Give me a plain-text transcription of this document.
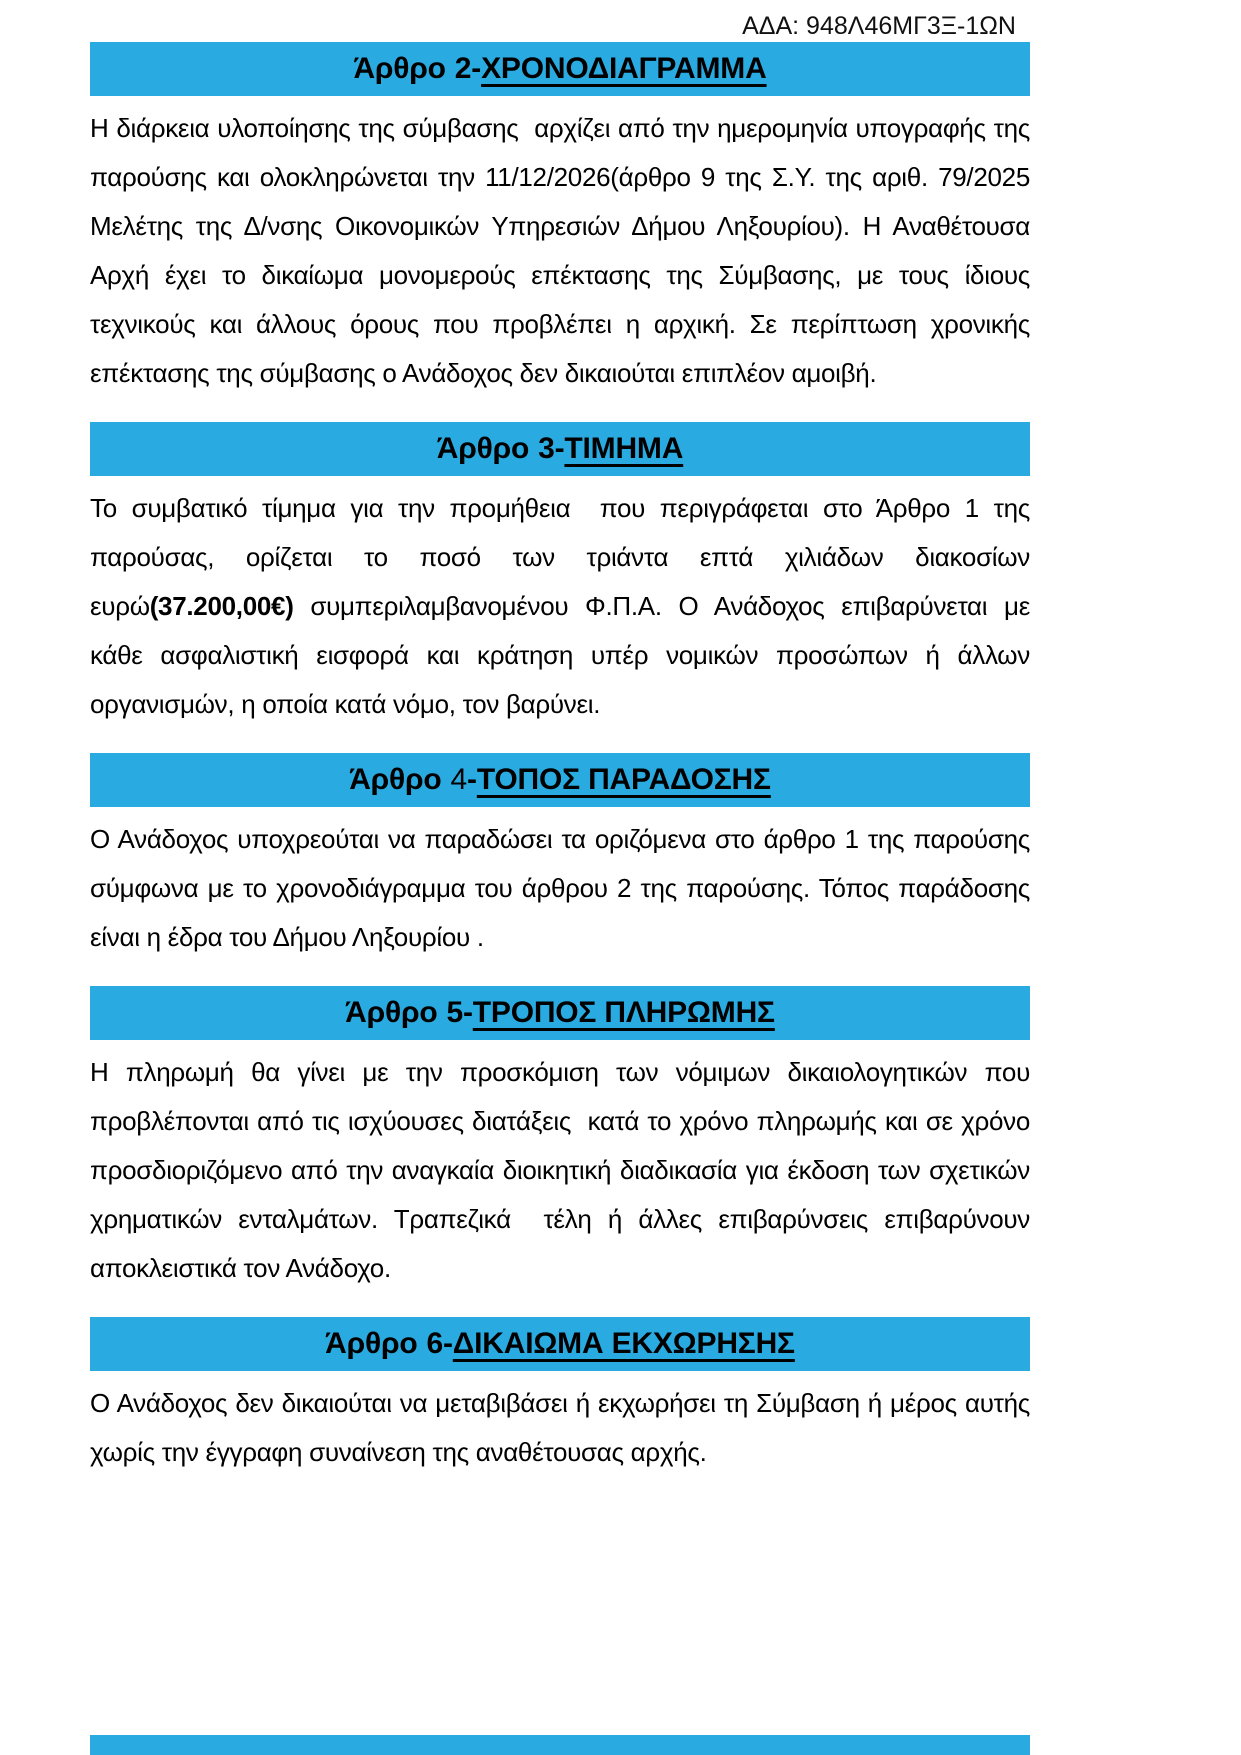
ΑΔΑ: 948Λ46ΜΓ3Ξ-1ΩΝ
Άρθρο 2 - ΧΡΟΝΟΔΙΑΓΡΑΜΜΑ

Η διάρκεια υλοποίησης της σύμβασης  αρχίζει από την ημερομηνία υπογραφής της παρούσης και ολοκληρώνεται την 11/12/2026(άρθρο 9 της Σ.Υ. της αριθ. 79/2025 Μελέτης της Δ/νσης Οικονομικών Υπηρεσιών Δήμου Ληξουρίου). Η Αναθέτουσα Αρχή έχει το δικαίωμα μονομερούς επέκτασης της Σύμβασης, με τους ίδιους τεχνικούς και άλλους όρους που προβλέπει η αρχική. Σε περίπτωση χρονικής επέκτασης της σύμβασης ο Ανάδοχος δεν δικαιούται επιπλέον αμοιβή.

Άρθρο 3 - ΤΙΜΗΜΑ

Το συμβατικό τίμημα για την προμήθεια  που περιγράφεται στο Άρθρο 1 της παρούσας, ορίζεται το ποσό των τριάντα επτά χιλιάδων διακοσίων ευρώ(37.200,00€) συμπεριλαμβανομένου Φ.Π.Α. Ο Ανάδοχος επιβαρύνεται με κάθε ασφαλιστική εισφορά και κράτηση υπέρ νομικών προσώπων ή άλλων οργανισμών, η οποία κατά νόμο, τον βαρύνει.

Άρθρο 4 - ΤΟΠΟΣ ΠΑΡΑΔΟΣΗΣ

Ο Ανάδοχος υποχρεούται να παραδώσει τα οριζόμενα στο άρθρο 1 της παρούσης σύμφωνα με το χρονοδιάγραμμα του άρθρου 2 της παρούσης. Τόπος παράδοσης είναι η έδρα του Δήμου Ληξουρίου .

Άρθρο 5 - ΤΡΟΠΟΣ ΠΛΗΡΩΜΗΣ

Η πληρωμή θα γίνει με την προσκόμιση των νόμιμων δικαιολογητικών που προβλέπονται από τις ισχύουσες διατάξεις  κατά το χρόνο πληρωμής και σε χρόνο προσδιοριζόμενο από την αναγκαία διοικητική διαδικασία για έκδοση των σχετικών χρηματικών ενταλμάτων. Τραπεζικά  τέλη ή άλλες επιβαρύνσεις επιβαρύνουν αποκλειστικά τον Ανάδοχο.

Άρθρο 6 - ΔΙΚΑΙΩΜΑ ΕΚΧΩΡΗΣΗΣ

Ο Ανάδοχος δεν δικαιούται να μεταβιβάσει ή εκχωρήσει τη Σύμβαση ή μέρος αυτής χωρίς την έγγραφη συναίνεση της αναθέτουσας αρχής.
